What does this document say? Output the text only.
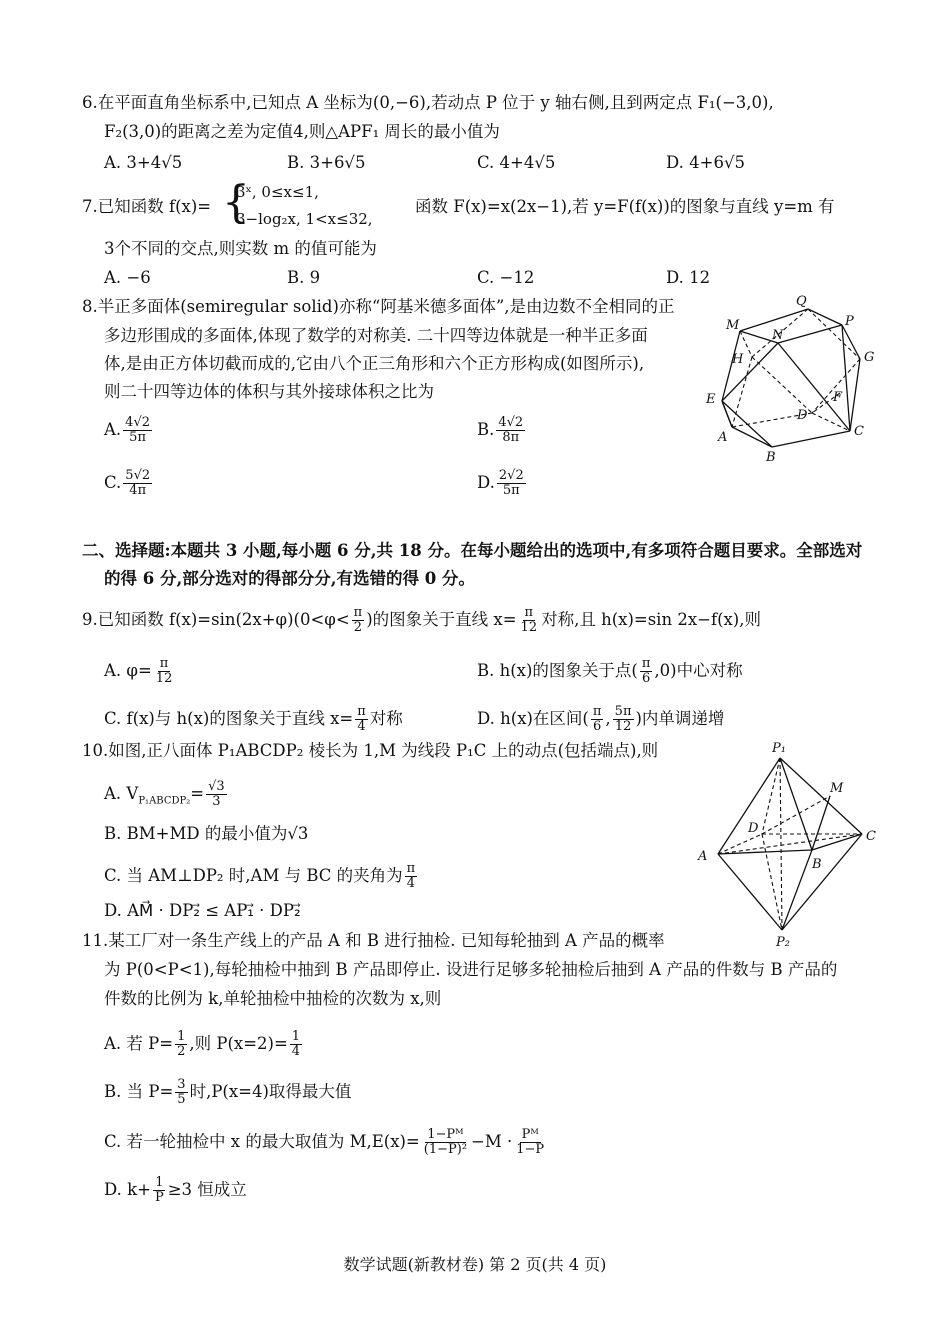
6.在平面直角坐标系中,已知点 A 坐标为(0,−6),若动点 P 位于 y 轴右侧,且到两定点 F₁(−3,0),
F₂(3,0)的距离之差为定值4,则△APF₁ 周长的最小值为
A. 3+4√5	B. 3+6√5	C. 4+4√5	D. 4+6√5
7.已知函数 f(x)= {
3ˣ, 0≤x≤1,
3−log₂x, 1<x≤32,
函数 F(x)=x(2x−1),若 y=F(f(x))的图象与直线 y=m 有
3个不同的交点,则实数 m 的值可能为
A. −6	B. 9	C. −12	D. 12
8.半正多面体(semiregular solid)亦称“阿基米德多面体”,是由边数不全相同的正
多边形围成的多面体,体现了数学的对称美. 二十四等边体就是一种半正多面
体,是由正方体切截而成的,它由八个正三角形和六个正方形构成(如图所示),
则二十四等边体的体积与其外接球体积之比为
A. $\frac{4√2}{5\pi}$	B. $\frac{4√2}{8\pi}$
C. $\frac{5√2}{4\pi}$	D. $\frac{2√2}{5\pi}$
M
Q
P
N
H	G
E
D
F
A
B
C
二、选择题:本题共 3 小题,每小题 6 分,共 18 分。在每小题给出的选项中,有多项符合题目要求。全部选对
的得 6 分,部分选对的得部分分,有选错的得 0 分。
9.已知函数 $f(x)=\sin(2x+\varphi)(0<\varphi< \frac{\pi}{2}$ )的图象关于直线 $x= \frac{\pi}{12}$ 对称,且 h(x)=sin 2x−f(x),则
A. $\varphi= \frac{\pi}{12}$	B. h(x)的图象关于点( $\frac{\pi}{6} ,0$)中心对称
C. f(x)与 h(x)的图象关于直线 $x= \frac{\pi}{4}$ 对称	D. h(x)在区间( $\frac{\pi}{6}$ , $\frac{5\pi}{12}$ )内单调递增
10.如图,正八面体 P₁ABCDP₂ 棱长为 1,M 为线段 P₁C 上的动点(包括端点),则
A. $V_{P_1ABCDP_2}= \frac{√3}{3}$
B. BM+MD 的最小值为√3
C. 当 AM⊥DP₂ 时,AM 与 BC 的夹角为 $\frac{\pi}{4}$
D. AM⃗ · DP₂⃗ ≤ AP₁⃗ · DP₂⃗
P₁
M
D
C
A
B
P₂
11.某工厂对一条生产线上的产品 A 和 B 进行抽检. 已知每轮抽到 A 产品的概率
为 P(0<P<1),每轮抽检中抽到 B 产品即停止. 设进行足够多轮抽检后抽到 A 产品的件数与 B 产品的
件数的比例为 k,单轮抽检中抽检的次数为 x,则
A. 若 $P= \frac{1}{2}$ ,则 $P(x=2)= \frac{1}{4}$
B. 当 $P= \frac{3}{5}$ 时,P(x=4)取得最大值
C. 若一轮抽检中 x 的最大取值为 $M,E(x)= \frac{\text{1−Pᴹ}}{\text{(1−P)²}} -M \cdot \frac{\text{Pᴹ}}{1-P}$
D. $k+ \frac{1}{P} \ge 3$ 恒成立
数学试题(新教材卷) 第 2 页(共 4 页)
